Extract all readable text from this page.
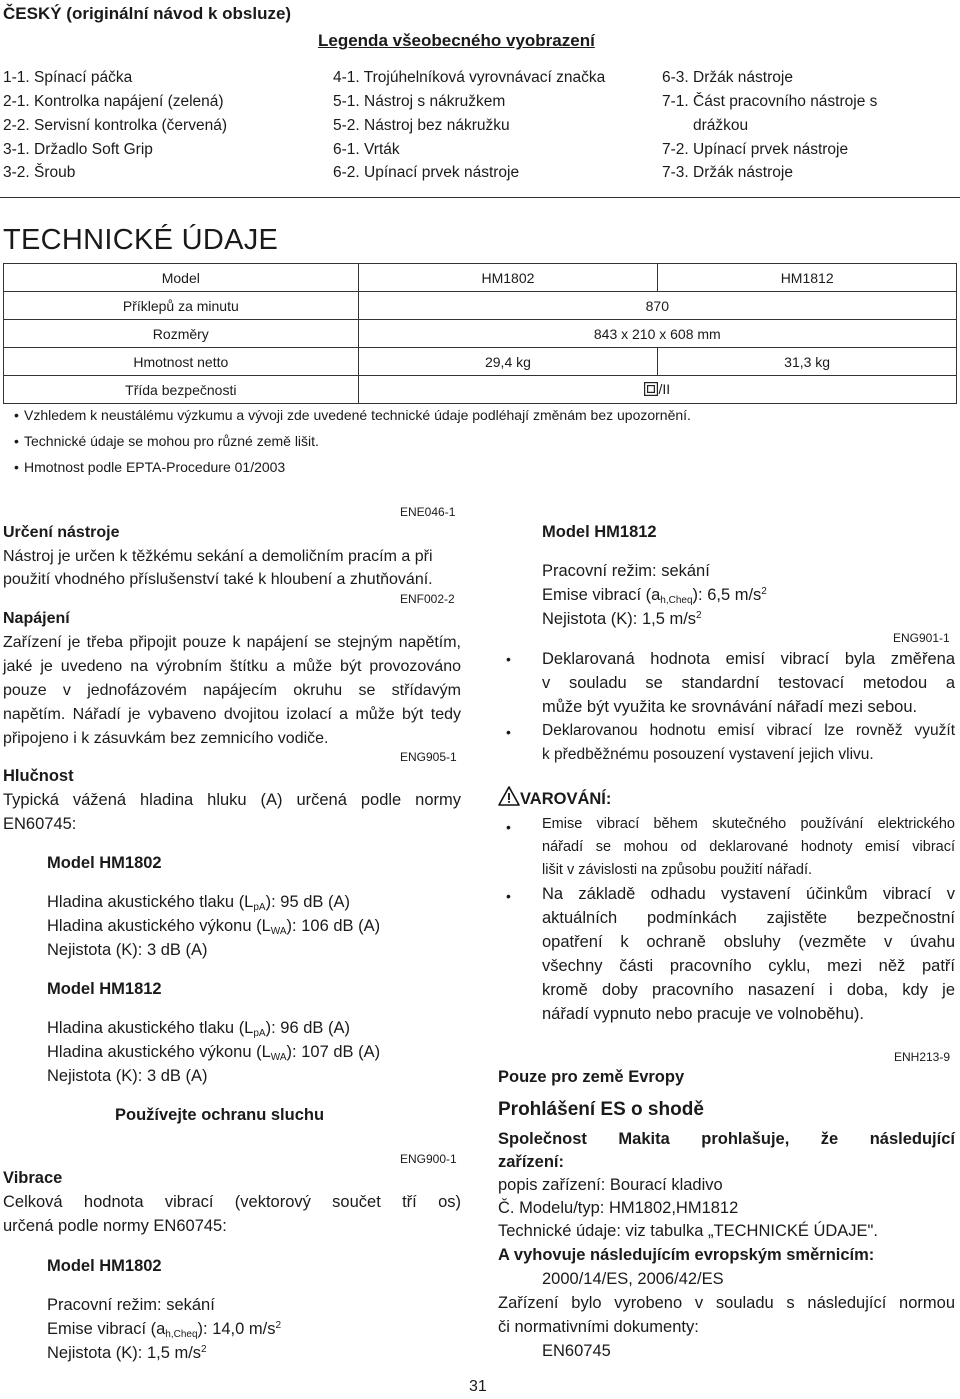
ČESKÝ (originální návod k obsluze)
Legenda všeobecného vyobrazení
1-1. Spínací páčka
2-1. Kontrolka napájení (zelená)
2-2. Servisní kontrolka (červená)
3-1. Držadlo Soft Grip
3-2. Šroub
4-1. Trojúhelníková vyrovnávací značka
5-1. Nástroj s nákružkem
5-2. Nástroj bez nákružku
6-1. Vrták
6-2. Upínací prvek nástroje
6-3. Držák nástroje
7-1. Část pracovního nástroje s
drážkou
7-2. Upínací prvek nástroje
7-3. Držák nástroje
TECHNICKÉ ÚDAJE
Model	HM1802	HM1812
Příklepů za minutu	870	
Rozměry	843 x 210 x 608 mm	
Hmotnost netto	29,4 kg	31,3 kg
Třída bezpečnosti	/II	
• Vzhledem k neustálému výzkumu a vývoji zde uvedené technické údaje podléhají změnám bez upozornění.
• Technické údaje se mohou pro různé země lišit.
• Hmotnost podle EPTA-Procedure 01/2003
ENE046-1
Určení nástroje
Nástroj je určen k těžkému sekání a demoličním pracím a při
použití vhodného příslušenství také k hloubení a zhutňování.
ENF002-2
Napájení
Zařízení je třeba připojit pouze k napájení se stejným napětím,
jaké je uvedeno na výrobním štítku a může být provozováno
pouze v jednofázovém napájecím okruhu se střídavým
napětím. Nářadí je vybaveno dvojitou izolací a může být tedy
připojeno i k zásuvkám bez zemnicího vodiče.
ENG905-1
Hlučnost
Typická vážená hladina hluku (A) určená podle normy
EN60745:
Model HM1802
Hladina akustického tlaku $(L_{pA})$: 95 dB (A)
Hladina akustického výkonu $(L_{WA})$: 106 dB (A)
Nejistota (K): 3 dB (A)
Model HM1812
Hladina akustického tlaku $(L_{pA})$: 96 dB (A)
Hladina akustického výkonu $(L_{WA})$: 107 dB (A)
Nejistota (K): 3 dB (A)
Používejte ochranu sluchu
ENG900-1
Vibrace
Celková hodnota vibrací (vektorový součet tří os)
určená podle normy EN60745:
Model HM1802
Pracovní režim: sekání
Emise vibrací $(a_{h,Cheq})$: 14,0 $m/s^2$
Nejistota (K): 1,5 $m/s^2$
Model HM1812
Pracovní režim: sekání
Emise vibrací $(a_{h,Cheq})$: 6,5 $m/s^2$
Nejistota (K): 1,5 $m/s^2$
ENG901-1
• Deklarovaná hodnota emisí vibrací byla změřena
v souladu se standardní testovací metodou a
může být využita ke srovnávání nářadí mezi sebou.
• Deklarovanou hodnotu emisí vibrací lze rovněž využít
k předběžnému posouzení vystavení jejich vlivu.
VAROVÁNÍ:
• Emise vibrací během skutečného používání elektrického
nářadí se mohou od deklarované hodnoty emisí vibrací
lišit v závislosti na způsobu použití nářadí.
• Na základě odhadu vystavení účinkům vibrací v
aktuálních podmínkách zajistěte bezpečnostní
opatření k ochraně obsluhy (vezměte v úvahu
všechny části pracovního cyklu, mezi něž patří
kromě doby pracovního nasazení i doba, kdy je
nářadí vypnuto nebo pracuje ve volnoběhu).
ENH213-9
Pouze pro země Evropy
Prohlášení ES o shodě
Společnost Makita prohlašuje, že následující
zařízení:
popis zařízení: Bourací kladivo
Č. Modelu/typ: HM1802,HM1812
Technické údaje: viz tabulka „TECHNICKÉ ÚDAJE".
A vyhovuje následujícím evropským směrnicím:
2000/14/ES, 2006/42/ES
Zařízení bylo vyrobeno v souladu s následující normou
či normativními dokumenty:
EN60745
31
